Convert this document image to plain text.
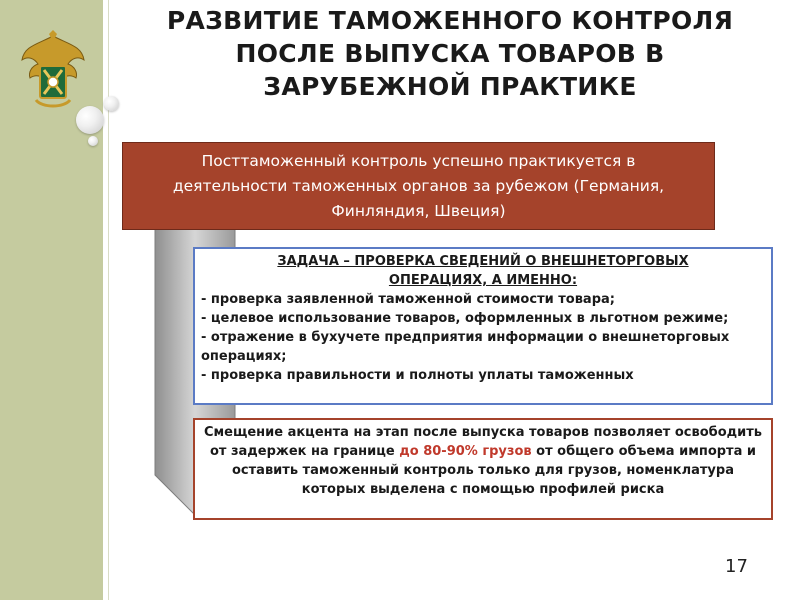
РАЗВИТИЕ ТАМОЖЕННОГО КОНТРОЛЯ
ПОСЛЕ ВЫПУСКА ТОВАРОВ В
ЗАРУБЕЖНОЙ ПРАКТИКЕ
Посттаможенный контроль успешно практикуется в
деятельности таможенных органов за рубежом (Германия,
Финляндия, Швеция)
ЗАДАЧА – ПРОВЕРКА СВЕДЕНИЙ О ВНЕШНЕТОРГОВЫХ
ОПЕРАЦИЯХ, А ИМЕННО:
- проверка заявленной таможенной стоимости товара;
- целевое использование товаров, оформленных в льготном режиме;
- отражение в бухучете предприятия информации о внешнеторговых операциях;
- проверка правильности и полноты уплаты таможенных
Смещение акцента на этап после выпуска товаров позволяет освободить от задержек на границе до 80-90% грузов от общего объема импорта и оставить таможенный контроль только для грузов, номенклатура которых выделена с помощью профилей риска
17
